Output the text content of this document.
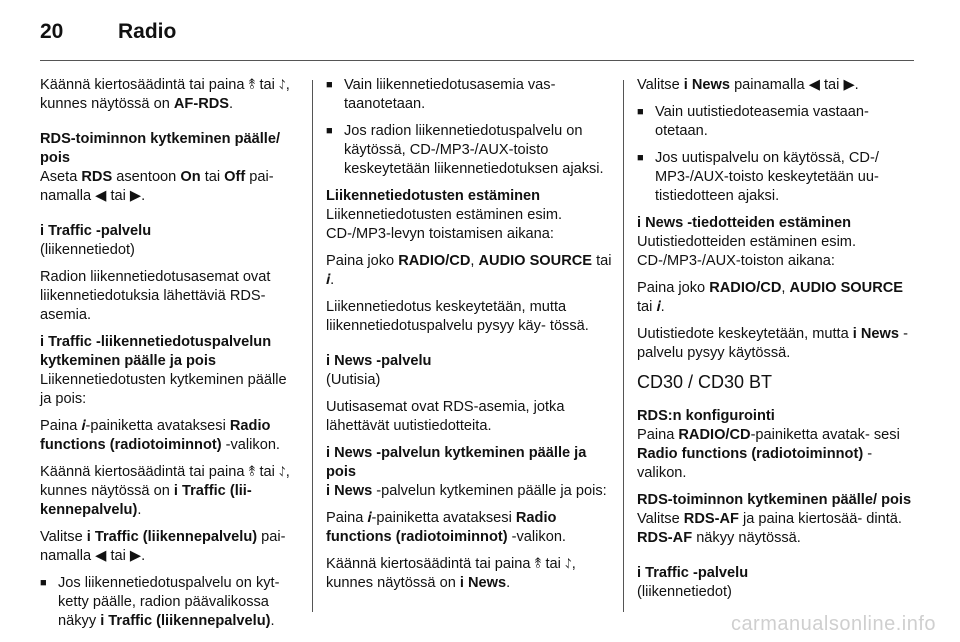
20	Radio

Käännä kiertosäädintä tai paina ⥉ tai ⥌, kunnes näytössä on AF-RDS.

RDS-toiminnon kytkeminen päälle/ pois

Aseta RDS asentoon On tai Off pai- namalla ◀ tai ▶.

i Traffic -palvelu

(liikennetiedot)

Radion liikennetiedotusasemat ovat liikennetiedotuksia lähettäviä RDS-asemia.

i Traffic -liikennetiedotuspalvelun kytkeminen päälle ja pois

Liikennetiedotusten kytkeminen päälle ja pois:

Paina 𝒊-painiketta avataksesi Radio functions (radiotoiminnot) -valikon.

Käännä kiertosäädintä tai paina ⥉ tai ⥌, kunnes näytössä on i Traffic (lii- kennepalvelu).

Valitse i Traffic (liikennepalvelu) pai- namalla ◀ tai ▶.

■ Jos liikennetiedotuspalvelu on kyt- ketty päälle, radion päävalikossa näkyy i Traffic (liikennepalvelu).
■ Vain liikennetiedotusasemia vas- taanotetaan.
■ Jos radion liikennetiedotuspalvelu on käytössä, CD-/MP3-/AUX-toisto keskeytetään liikennetiedotuksen ajaksi.
Liikennetiedotusten estäminen

Liikennetiedotusten estäminen esim. CD-/MP3-levyn toistamisen aikana:

Paina joko RADIO/CD, AUDIO SOURCE tai 𝒊.

Liikennetiedotus keskeytetään, mutta liikennetiedotuspalvelu pysyy käy- tössä.

i News -palvelu

(Uutisia)

Uutisasemat ovat RDS-asemia, jotka lähettävät uutistiedotteita.

i News -palvelun kytkeminen päälle ja pois

i News -palvelun kytkeminen päälle ja pois:

Paina 𝒊-painiketta avataksesi Radio functions (radiotoiminnot) -valikon.

Käännä kiertosäädintä tai paina ⥉ tai ⥌, kunnes näytössä on i News.

Valitse i News painamalla ◀ tai ▶.

■ Vain uutistiedoteasemia vastaan- otetaan.
■ Jos uutispalvelu on käytössä, CD-/ MP3-/AUX-toisto keskeytetään uu- tistiedotteen ajaksi.
i News -tiedotteiden estäminen

Uutistiedotteiden estäminen esim. CD-/MP3-/AUX-toiston aikana:

Paina joko RADIO/CD, AUDIO SOURCE tai 𝒊.

Uutistiedote keskeytetään, mutta i News -palvelu pysyy käytössä.

CD30 / CD30 BT
RDS:n konfigurointi

Paina RADIO/CD-painiketta avatak- sesi Radio functions (radiotoiminnot) -valikon.

RDS-toiminnon kytkeminen päälle/ pois

Valitse RDS-AF ja paina kiertosää- dintä. RDS-AF näkyy näytössä.

i Traffic -palvelu

(liikennetiedot)

carmanualsonline.info
